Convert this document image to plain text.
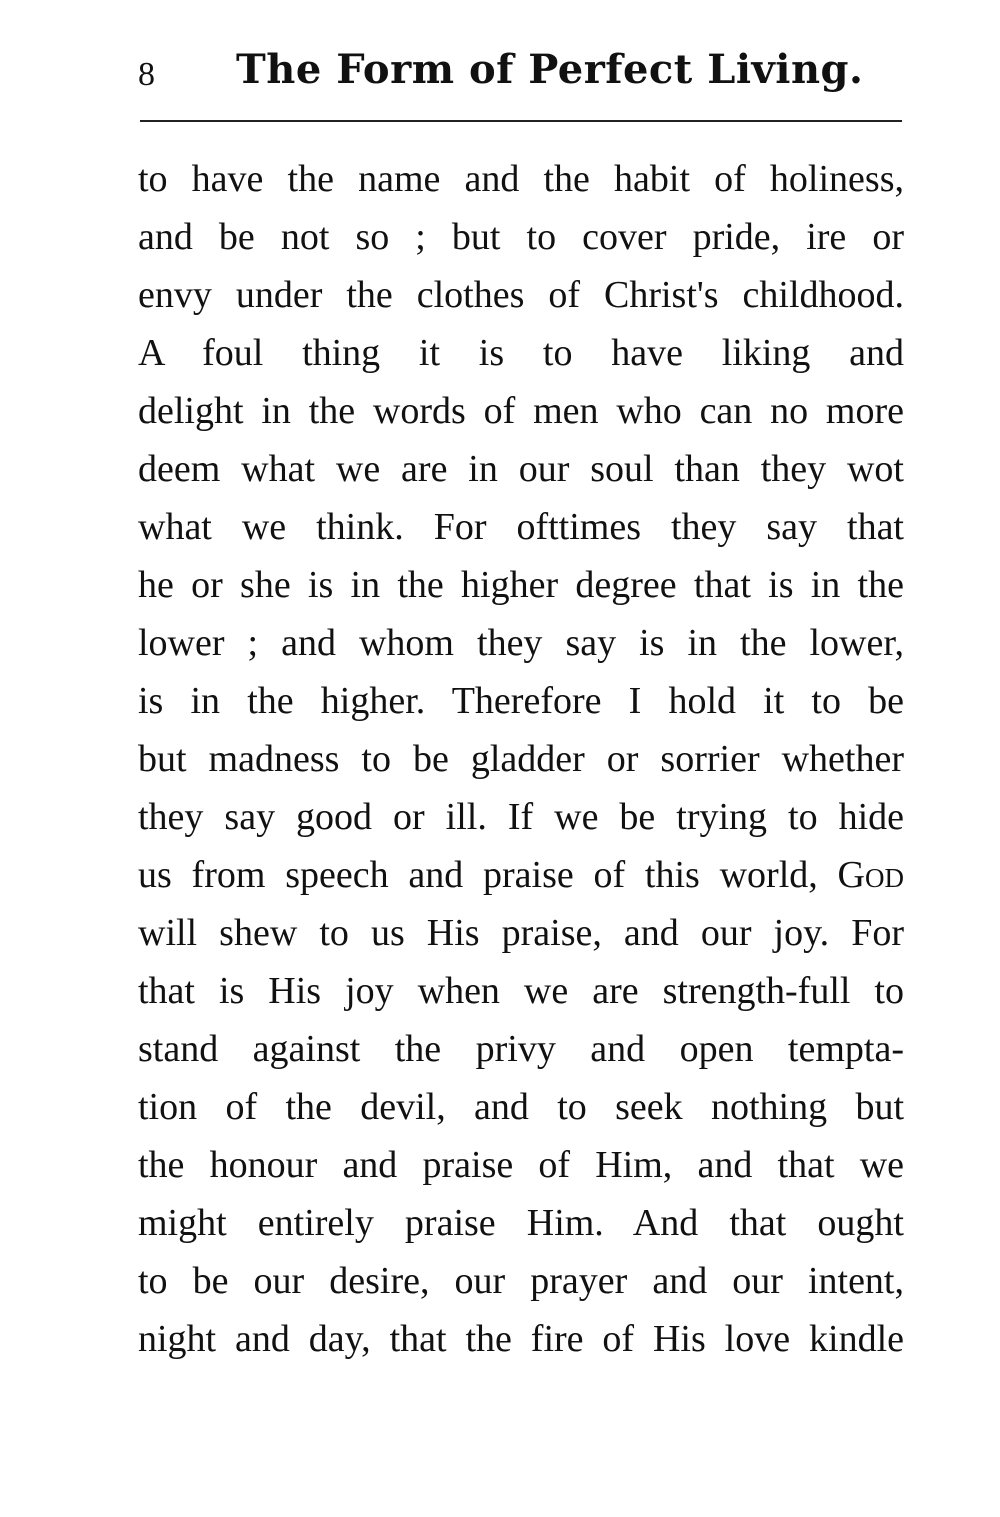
8 The Form of Perfect Living.
to have the name and the habit of holiness,
and be not so ; but to cover pride, ire or
envy under the clothes of Christ's childhood.
A foul thing it is to have liking and
delight in the words of men who can no more
deem what we are in our soul than they wot
what we think. For ofttimes they say that
he or she is in the higher degree that is in the
lower ; and whom they say is in the lower,
is in the higher. Therefore I hold it to be
but madness to be gladder or sorrier whether
they say good or ill. If we be trying to hide
us from speech and praise of this world, God
will shew to us His praise, and our joy. For
that is His joy when we are strength-full to
stand against the privy and open tempta-
tion of the devil, and to seek nothing but
the honour and praise of Him, and that we
might entirely praise Him. And that ought
to be our desire, our prayer and our intent,
night and day, that the fire of His love kindle
